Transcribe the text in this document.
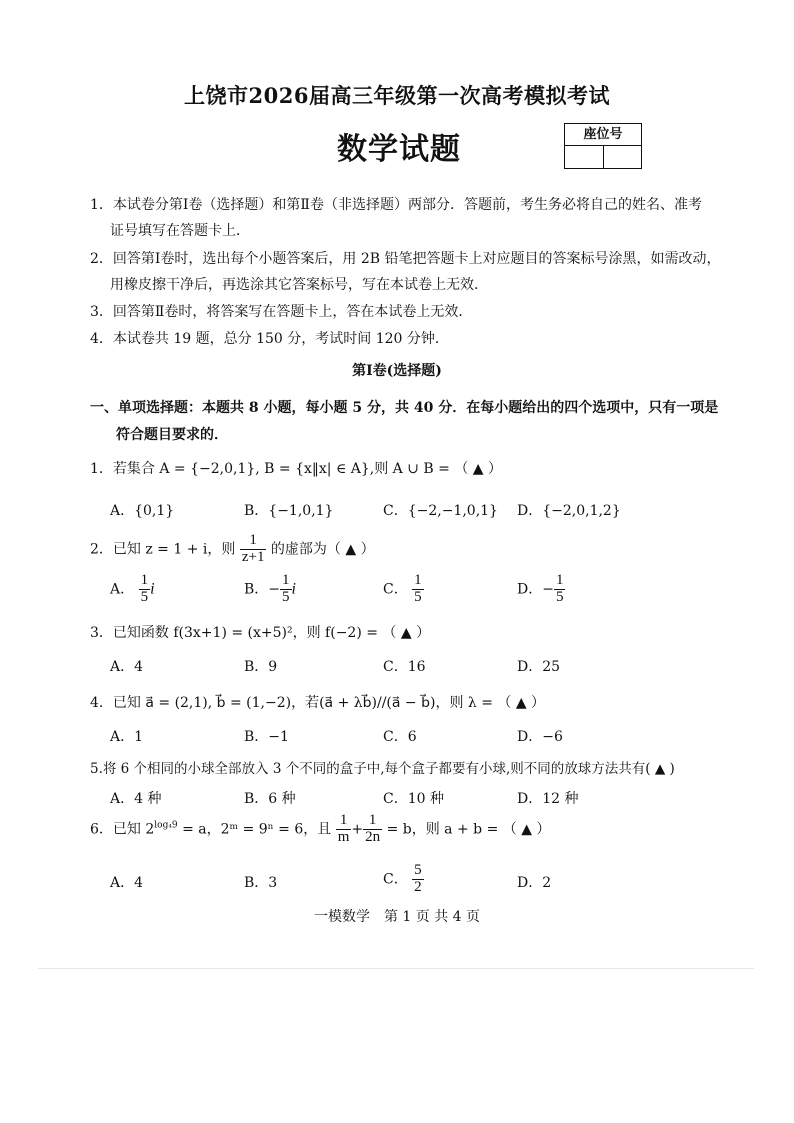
上饶市2026届高三年级第一次高考模拟考试
数学试题	座位号
1．本试卷分第Ⅰ卷（选择题）和第Ⅱ卷（非选择题）两部分．答题前，考生务必将自己的姓名、准考
证号填写在答题卡上．
2．回答第Ⅰ卷时，选出每个小题答案后，用 2B 铅笔把答题卡上对应题目的答案标号涂黑，如需改动，
用橡皮擦干净后，再选涂其它答案标号，写在本试卷上无效．
3．回答第Ⅱ卷时，将答案写在答题卡上，答在本试卷上无效．
4．本试卷共 19 题，总分 150 分，考试时间 120 分钟．
第Ⅰ卷(选择题)
一、单项选择题：本题共 8 小题，每小题 5 分，共 40 分．在每小题给出的四个选项中，只有一项是
符合题目要求的．
1．若集合 A = {−2,0,1}, B = {x‖x| ∈ A},则 A ∪ B = （ ▲ ）
A．{0,1}	B．{−1,0,1}	C．{−2,−1,0,1} D．{−2,0,1,2}
2．已知 z = 1 + i，则 $\frac{1}{z+1}$ 的虚部为（ ▲ ）
A． $\frac{1}{5}$ i	B．− $\frac{1}{5}$ i	C． $\frac{1}{5}$	D．− $\frac{1}{5}$
3．已知函数 f(3x+1) = (x+5)²，则 f(−2) = （ ▲ ）
A．4	B．9	C．16	D．25
4．已知 a⃗ = (2,1), b⃗ = (1,−2)，若(a⃗ + λb⃗)//(a⃗ − b⃗)，则 λ = （ ▲ ）
A．1	B．−1	C．6	D．−6
5.将 6 个相同的小球全部放入 3 个不同的盒子中,每个盒子都要有小球,则不同的放球方法共有( ▲ )
A．4 种	B．6 种	C．10 种	D．12 种
6．已知 $2^{log_49} = a$，2ᵐ = 9ⁿ = 6，且 $\frac{1}{m} + \frac{1}{2n} = b$，则 a + b = （ ▲ ）
A．4	B．3	C． $\frac{5}{2}$	D．2
一模数学　第 1 页 共 4 页
